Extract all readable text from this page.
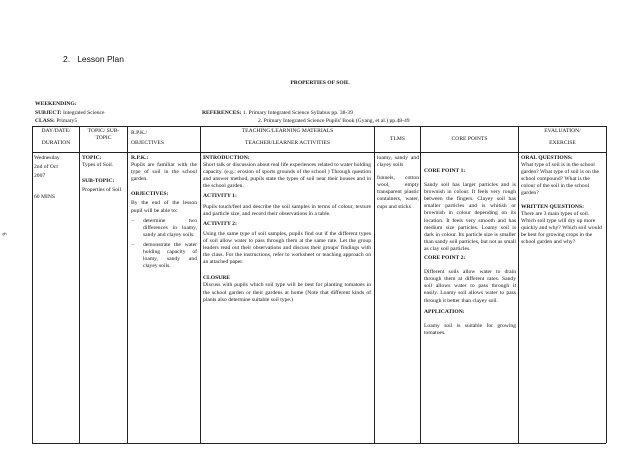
2. Lesson Plan
PROPERTIES OF SOIL
6
WEEKENDING:
SUBJECT: Integrated Science
CLASS: Primary5
REFERENCES: 1. Primary Integrated Science Syllabus pp. 38-39
2. Primary Integrated Science Pupils' Book (Gyang, et al.) pp.48-49
DAY/DATE/
DURATION
TOPIC/ SUB-TOPIC
R.P.K./
OBJECTIVES
TEACHING/LEARNING MATERIALS
TEACHER/LEARNER ACTIVITIES
TLMS	CORE POINTS
EVALUATION/
EXERCISE
Wednesday
2nd of Oct
2007
60 MINS
TOPIC:
Types of Soil.
SUB-TOPIC:
Properties of Soil
R.P.K.:

Pupils are familiar with the type of soil in the school garden.

OBJECTIVES:

By the end of the lesson pupil will be able to:

− determine two differences in loamy, sandy and clayey soils.
− demonstrate the water holding capacity of loamy, sandy and clayey soils.
INTRODUCTION:

Short talk or discussion about real life experiences related to water holding capacity. (e.g.: erosion of sports grounds of the school ) Through question and answer method, pupils state the types of soil near their houses and in the school garden.

ACTIVITY 1:

Pupils touch/feel and describe the soil samples in terms of colour, texture and particle size, and record their observations in a table.

ACTIVITY 2:

Using the same type of soil samples, pupils find out if the different types of soil allow water to pass through them at the same rate. Let the group leaders read out their observations and discuss their groups' findings with the class. For the instructions, refer to worksheet or teaching approach on an attached paper.

CLOSURE

Discuss with pupils which soil type will be best for planting tomatoes in the school garden or their gardens at home (Note that different kinds of plants also determine suitable soil type.)

loamy, sandy and clayey soils

funnels, cotton wool, empty transparent plastic containers, water, cups and sticks

CORE POINT 1:

Sandy soil has larger particles and is brownish in colour. It feels very rough between the fingers. Clayey soil has smaller particles and is whitish or brownish in colour depending on its location. It feels very smooth and has medium size particles. Loamy soil is dark in colour. Its particle size is smaller than sandy soil particles, but not as small as clay soil particles.

CORE POINT 2:

Different soils allow water to drain through them at different rates. Sandy soil allows water to pass through it easily. Loamy soil allows water to pass through it better than clayey soil.

APPLICATION:

Loamy soil is suitable for growing tomatoes.

ORAL QUESTIONS:

What type of soil is in the school garden? What type of soil is on the school compound? What is the colour of the soil in the school garden?

WRITTEN QUESTIONS:

There are 3 main types of soil. Which soil type will dry up more quickly and why? Which soil would be best for growing crops in the school garden and why?
